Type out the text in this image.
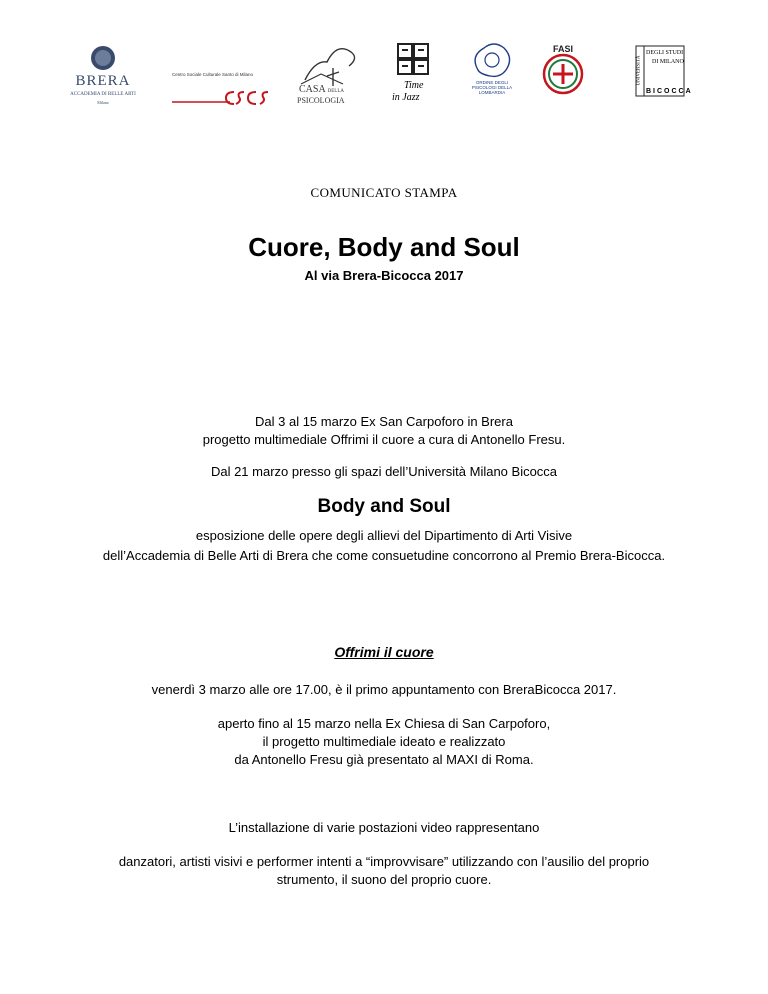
BRERA
ACCADEMIA DI BELLE ARTI
Milano
Centro Sociale Culturale Santo di Milano
CASA DELLA
PSICOLOGIA
Time
in Jazz
ORDINE DEGLI PSICOLOGI DELLA LOMBARDIA
FASI
UNIVERSITÀ
DEGLI STUDI
DI MILANO
BICOCCA
COMUNICATO STAMPA
Cuore, Body and Soul
Al via Brera-Bicocca 2017
Dal 3 al 15 marzo Ex San Carpoforo in Brera
progetto multimediale Offrimi il cuore a cura di Antonello Fresu.
Dal 21 marzo presso gli spazi dell’Università Milano Bicocca
Body and Soul
esposizione delle opere degli allievi del Dipartimento di Arti Visive
dell’Accademia di Belle Arti di Brera che come consuetudine concorrono al Premio Brera-Bicocca.
Offrimi il cuore
venerdì 3 marzo alle ore 17.00, è il primo appuntamento con BreraBicocca 2017.
aperto fino al 15 marzo nella Ex Chiesa di San Carpoforo,
il progetto multimediale ideato e realizzato
da Antonello Fresu già presentato al MAXI di Roma.
L’installazione di varie postazioni video rappresentano
danzatori, artisti visivi e performer intenti a “improvvisare” utilizzando con l’ausilio del proprio
strumento, il suono del proprio cuore.
